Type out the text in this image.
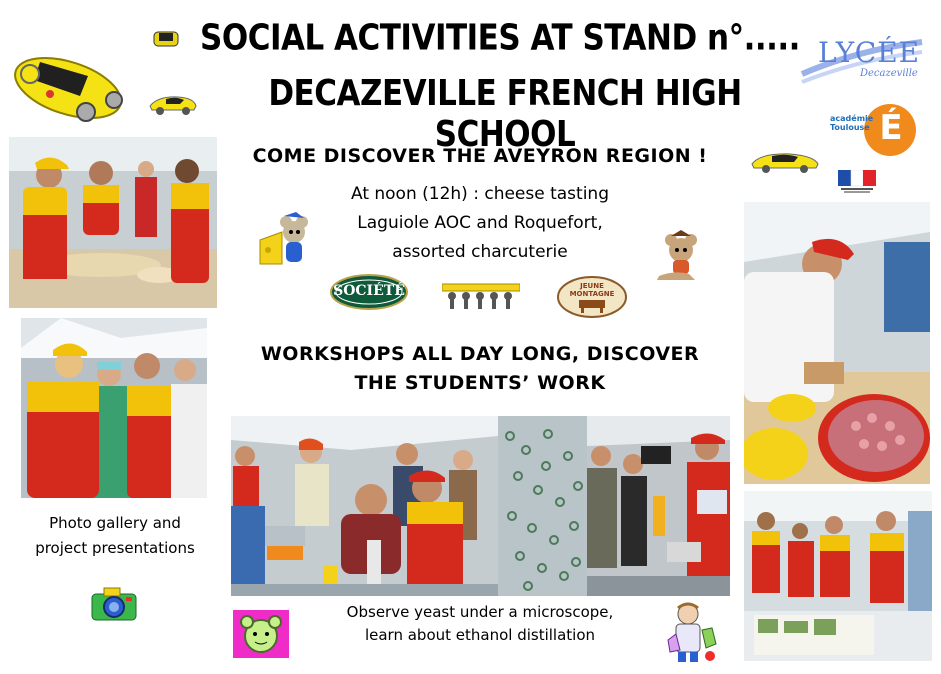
SOCIAL ACTIVITIES AT STAND n°.....
DECAZEVILLE FRENCH HIGH SCHOOL
LYCÉE
Decazeville
académie Toulouse É
COME DISCOVER THE AVEYRON REGION !
At noon (12h) : cheese tasting
Laguiole AOC and Roquefort,
assorted charcuterie
SOCIÉTÉ	JEUNE MONTAGNE
WORKSHOPS ALL DAY LONG, DISCOVER
THE STUDENTS’ WORK
Photo gallery and
project presentations
Observe yeast under a microscope,
learn about ethanol distillation
